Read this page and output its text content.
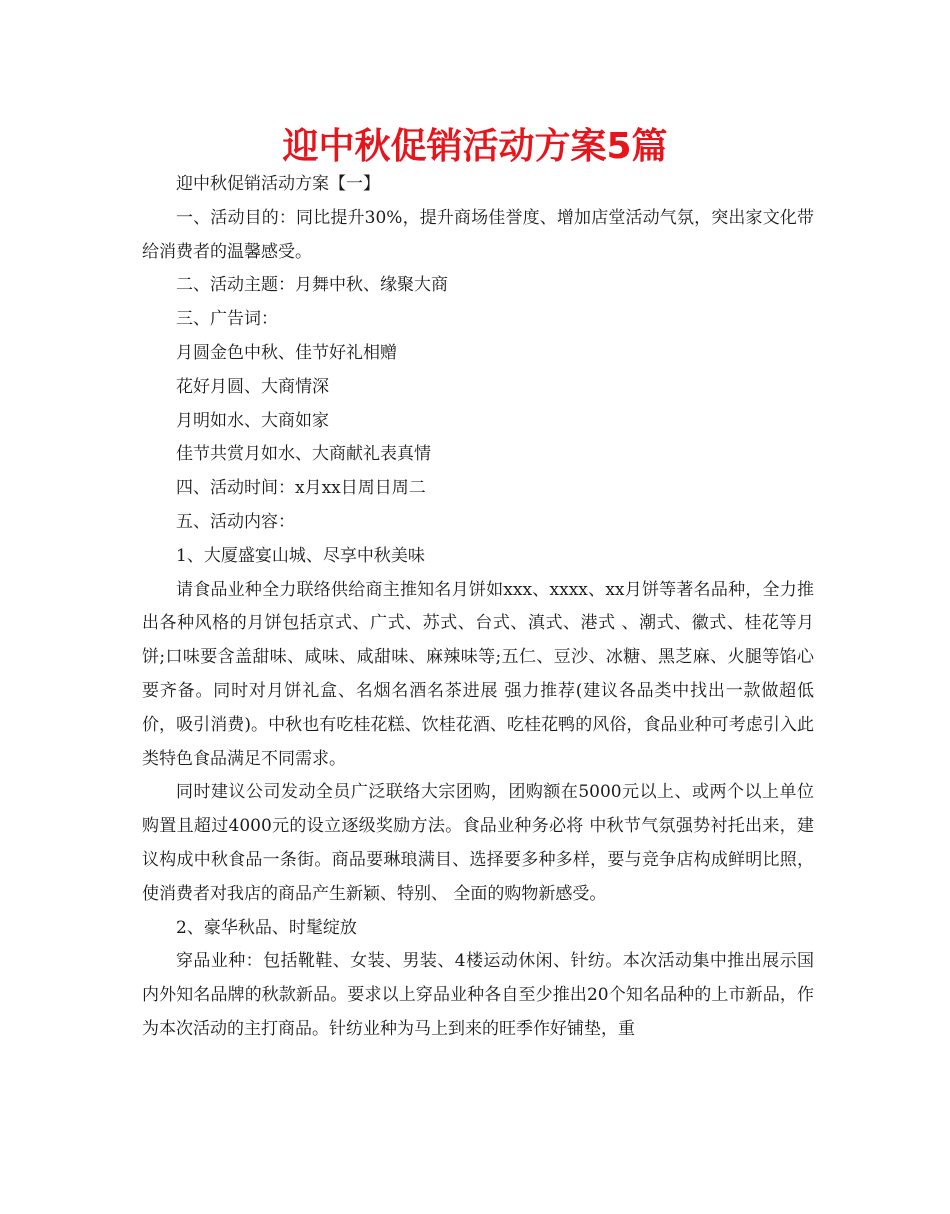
迎中秋促销活动方案5篇

迎中秋促销活动方案【一】

一、活动目的：同比提升30%，提升商场佳誉度、增加店堂活动气氛，突出家文化带给消费者的温馨感受。

二、活动主题：月舞中秋、缘聚大商

三、广告词：

月圆金色中秋、佳节好礼相赠

花好月圆、大商情深

月明如水、大商如家

佳节共赏月如水、大商献礼表真情

四、活动时间：x月xx日周日周二

五、活动内容：

1、大厦盛宴山城、尽享中秋美味

请食品业种全力联络供给商主推知名月饼如xxx、xxxx、xx月饼等著名品种，全力推出各种风格的月饼包括京式、广式、苏式、台式、滇式、港式 、潮式、徽式、桂花等月饼;口味要含盖甜味、咸味、咸甜味、麻辣味等;五仁、豆沙、冰糖、黑芝麻、火腿等馅心要齐备。同时对月饼礼盒、名烟名酒名茶进展 强力推荐(建议各品类中找出一款做超低价，吸引消费)。中秋也有吃桂花糕、饮桂花酒、吃桂花鸭的风俗，食品业种可考虑引入此类特色食品满足不同需求。

同时建议公司发动全员广泛联络大宗团购，团购额在5000元以上、或两个以上单位购置且超过4000元的设立逐级奖励方法。食品业种务必将 中秋节气氛强势衬托出来，建议构成中秋食品一条街。商品要琳琅满目、选择要多种多样，要与竞争店构成鲜明比照，使消费者对我店的商品产生新颖、特别、 全面的购物新感受。

2、豪华秋品、时髦绽放

穿品业种：包括靴鞋、女装、男装、4楼运动休闲、针纺。本次活动集中推出展示国内外知名品牌的秋款新品。要求以上穿品业种各自至少推出20个知名品种的上市新品，作为本次活动的主打商品。针纺业种为马上到来的旺季作好铺垫，重
